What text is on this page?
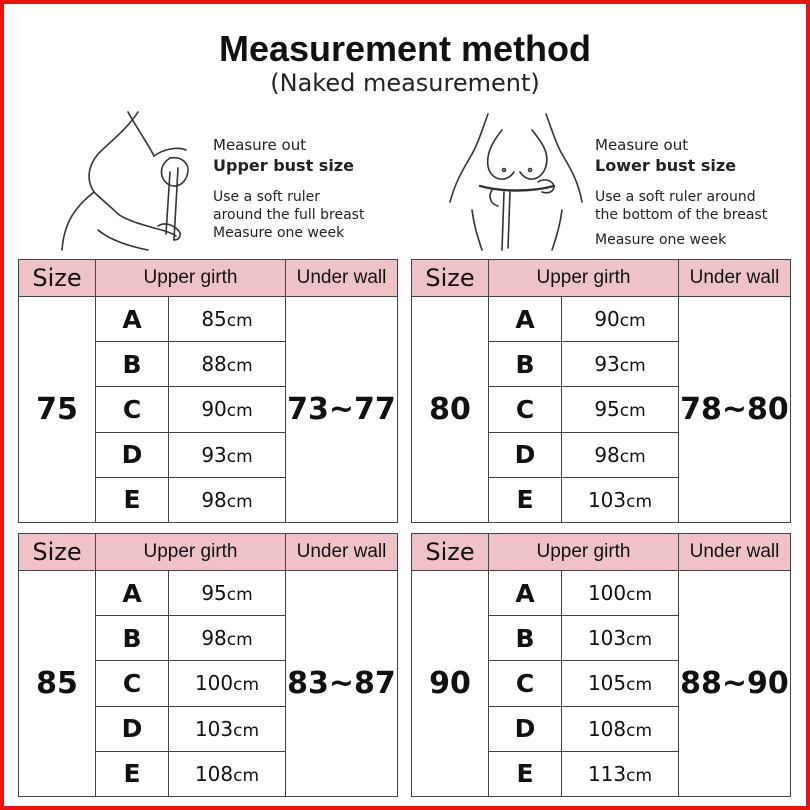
Measurement method
(Naked measurement)
Measure out
Upper bust size
Use a soft ruler
around the full breast
Measure one week
Measure out
Lower bust size
Use a soft ruler around
the bottom of the breast
Measure one week
Size	Upper girth	Under wall
75	73~77
A	85cm
B	88cm
C	90cm
D	93cm
E	98cm
Size	Upper girth	Under wall
80	78~80
A	90cm
B	93cm
C	95cm
D	98cm
E	103cm
Size	Upper girth	Under wall
85	83~87
A	95cm
B	98cm
C	100cm
D	103cm
E	108cm
Size	Upper girth	Under wall
90	88~90
A	100cm
B	103cm
C	105cm
D	108cm
E	113cm
